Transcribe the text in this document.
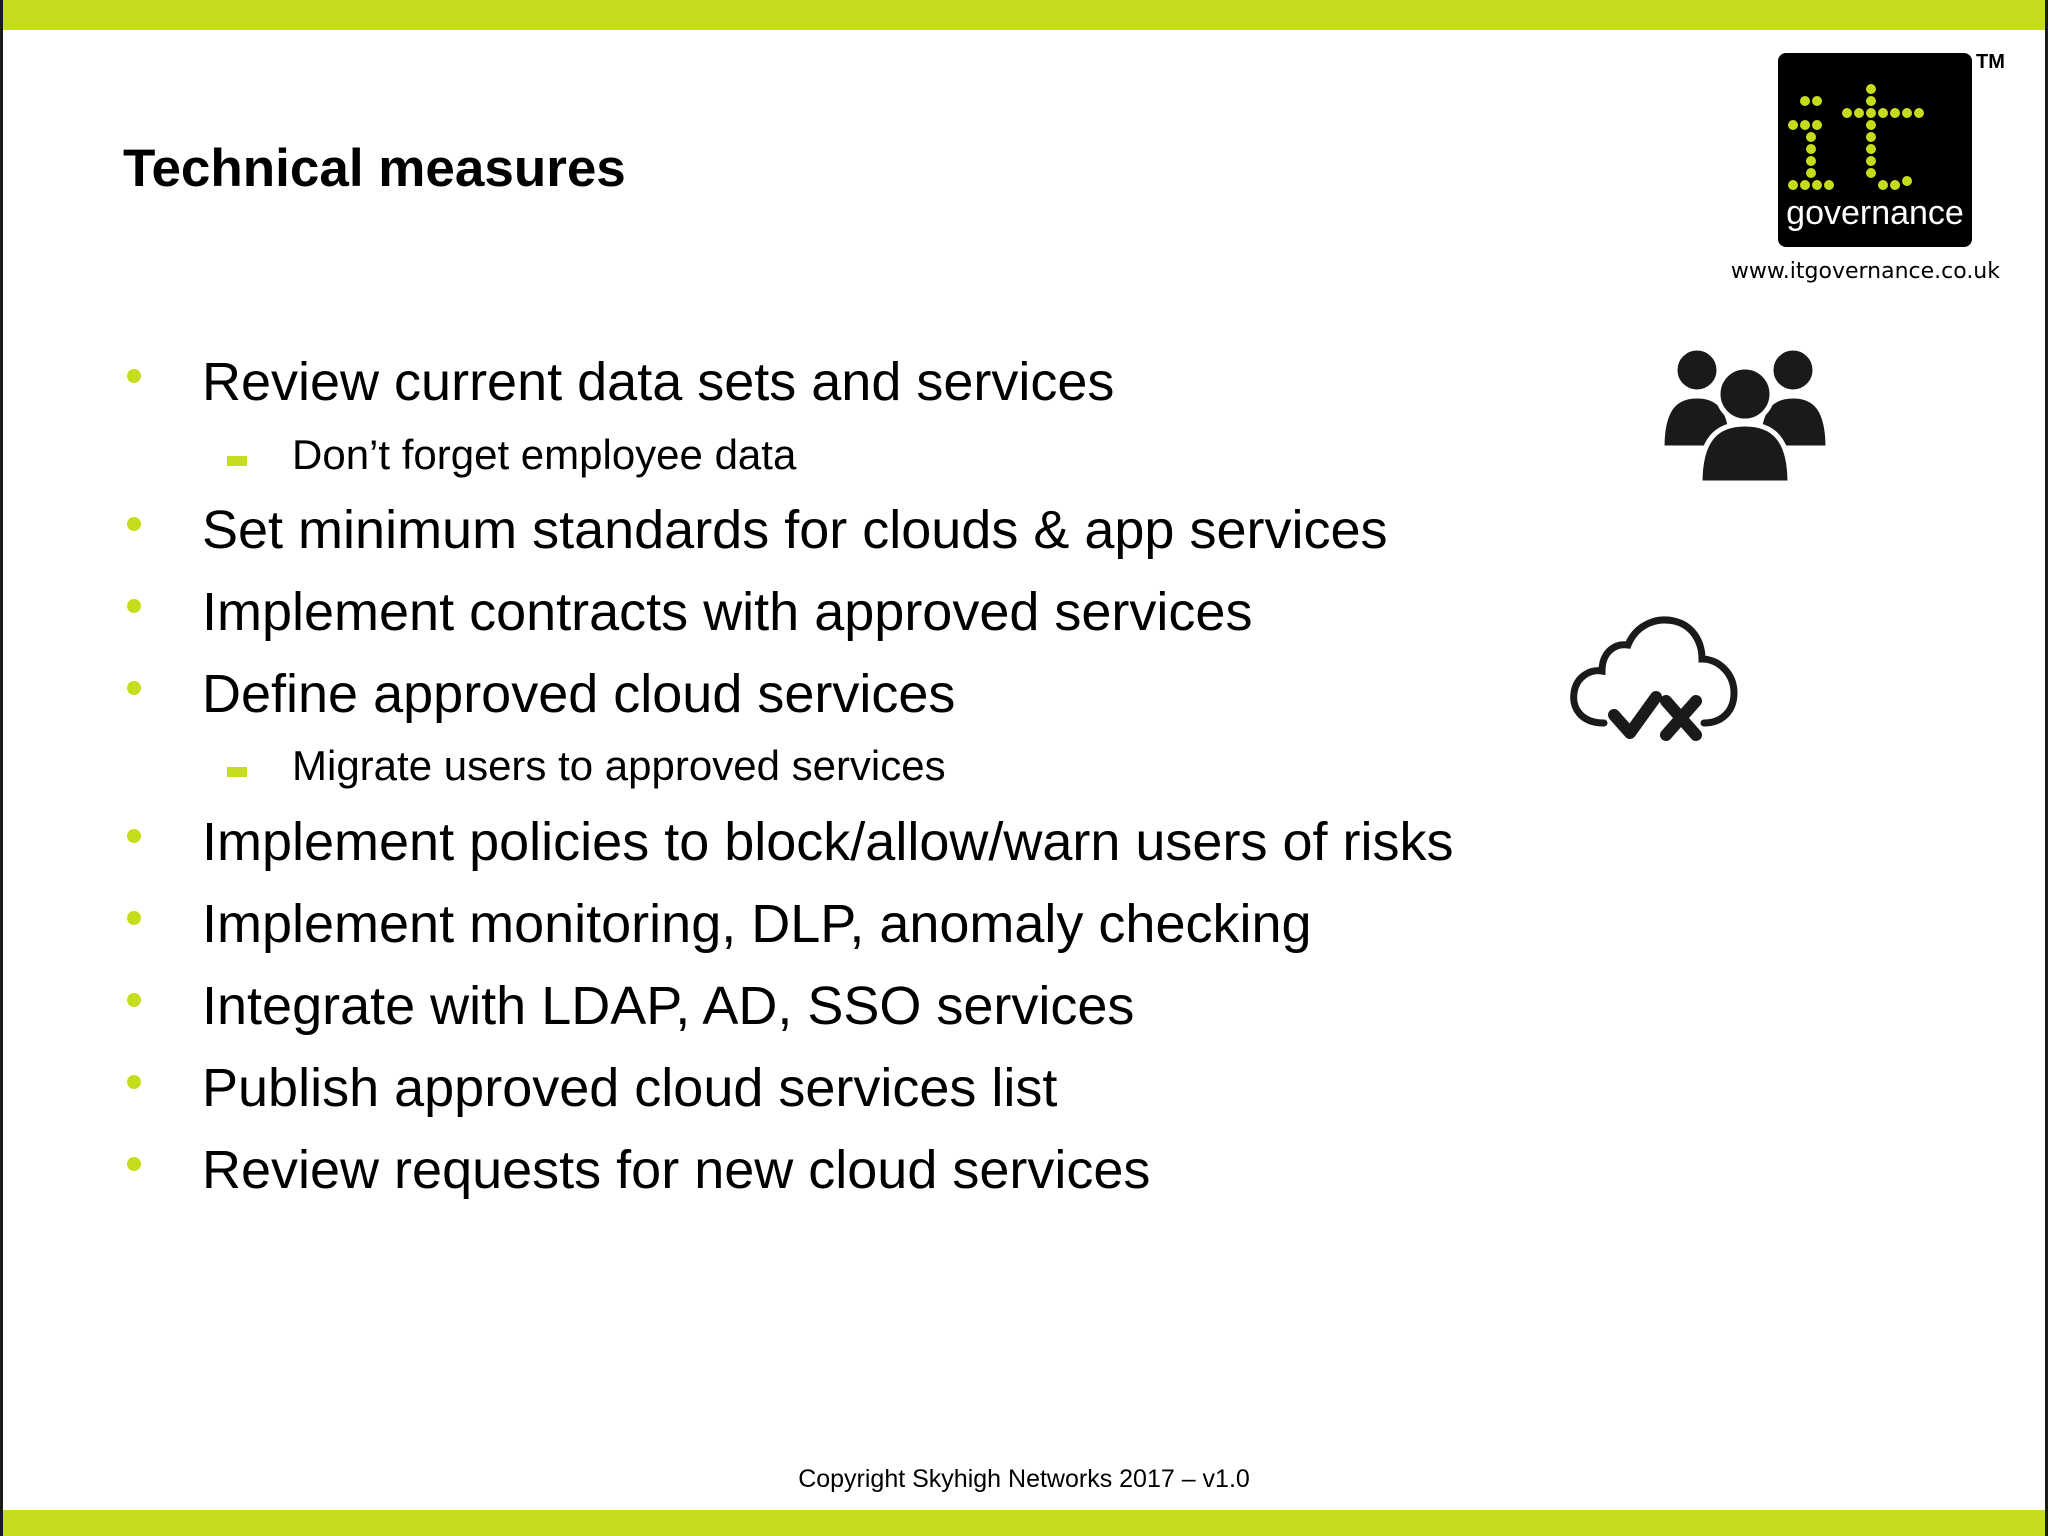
Technical measures
governance
TM
www.itgovernance.co.uk
Review current data sets and services
Don’t forget employee data
Set minimum standards for clouds & app services
Implement contracts with approved services
Define approved cloud services
Migrate users to approved services
Implement policies to block/allow/warn users of risks
Implement monitoring, DLP, anomaly checking
Integrate with LDAP, AD, SSO services
Publish approved cloud services list
Review requests for new cloud services
Copyright Skyhigh Networks 2017 – v1.0
